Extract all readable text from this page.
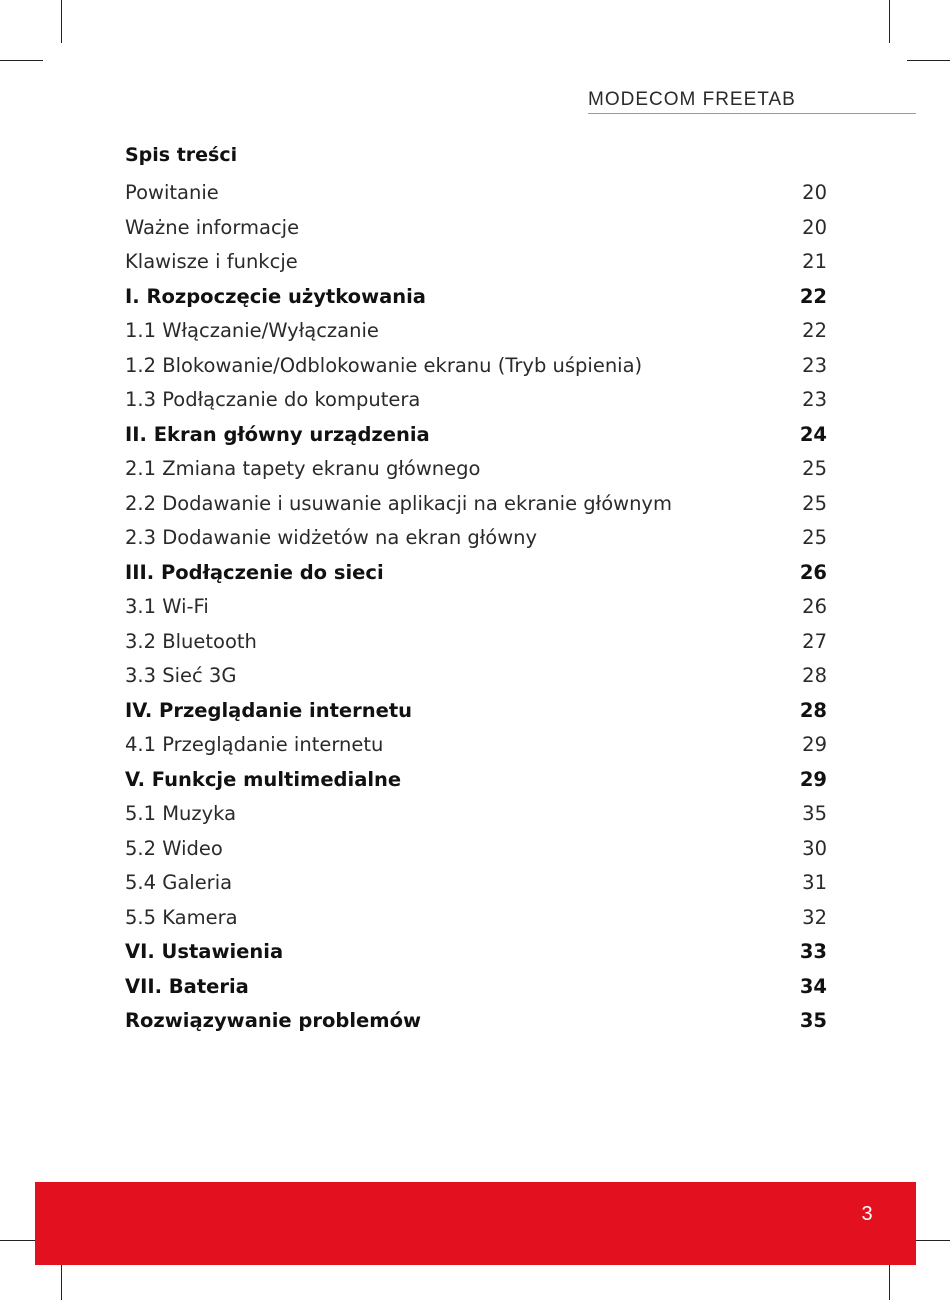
MODECOM FREETAB
Spis treści
Powitanie	20
Ważne informacje	20
Klawisze i funkcje	21
I. Rozpoczęcie użytkowania	22
1.1 Włączanie/Wyłączanie	22
1.2 Blokowanie/Odblokowanie ekranu (Tryb uśpienia)	23
1.3 Podłączanie do komputera	23
II. Ekran główny urządzenia	24
2.1 Zmiana tapety ekranu głównego	25
2.2 Dodawanie i usuwanie aplikacji na ekranie głównym	25
2.3 Dodawanie widżetów na ekran główny	25
III. Podłączenie do sieci	26
3.1 Wi-Fi	26
3.2 Bluetooth	27
3.3 Sieć 3G	28
IV. Przeglądanie internetu	28
4.1 Przeglądanie internetu	29
V. Funkcje multimedialne	29
5.1 Muzyka	35
5.2 Wideo	30
5.4 Galeria	31
5.5 Kamera	32
VI. Ustawienia	33
VII. Bateria	34
Rozwiązywanie problemów	35
3
